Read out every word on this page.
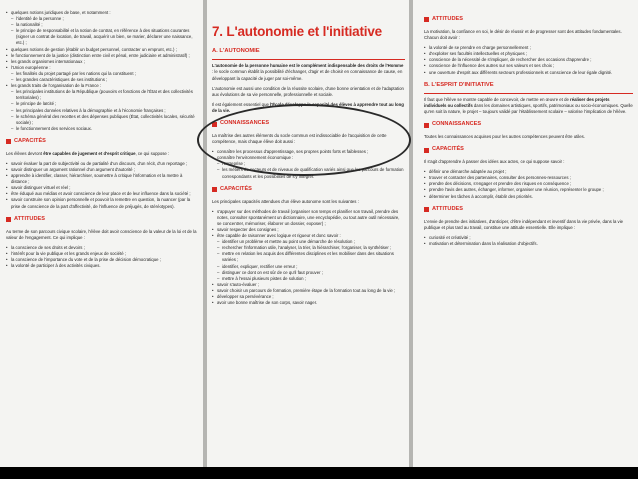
• quelques notions juridiques de base, et notamment :
– l'identité de la personne ;
– la nationalité ;
– le principe de responsabilité et la notion de contrat, en référence à des situations courantes (signer un contrat de location, de travail, acquérir un bien, se marier, déclarer une naissance, etc.) ;
• quelques notions de gestion (établir un budget personnel, contracter un emprunt, etc.) ;
• le fonctionnement de la justice (distinction entre civil et pénal, entre judiciaire et administratif) ;
• les grands organismes internationaux ;
• l'Union européenne :
– les finalités du projet partagé par les nations qui la constituent ;
– les grandes caractéristiques de ses institutions ;
• les grands traits de l'organisation de la France :
– les principales institutions de la République (pouvoirs et fonctions de l'État et des collectivités territoriales) ;
– le principe de laïcité ;
– les principales données relatives à la démographie et à l'économie françaises ;
– le schéma général des recettes et des dépenses publiques (État, collectivités locales, sécurité sociale) ;
– le fonctionnement des services sociaux.
CAPACITÉS

Les élèves devront être capables de jugement et d'esprit critique, ce qui suppose :

• savoir évaluer la part de subjectivité ou de partialité d'un discours, d'un récit, d'un reportage ;
• savoir distinguer un argument rationnel d'un argument d'autorité ;
• apprendre à identifier, classer, hiérarchiser, soumettre à critique l'information et la mettre à distance ;
• savoir distinguer virtuel et réel ;
• être éduqué aux médias et avoir conscience de leur place et de leur influence dans la société ;
• savoir construire son opinion personnelle et pouvoir la remettre en question, la nuancer (par la prise de conscience de la part d'affectivité, de l'influence de préjugés, de stéréotypes).
ATTITUDES

Au terme de son parcours civique scolaire, l'élève doit avoir conscience de la valeur de la loi et de la valeur de l'engagement. Ce qui implique :

• la conscience de ses droits et devoirs ;
• l'intérêt pour la vie publique et les grands enjeux de société ;
• la conscience de l'importance du vote et de la prise de décision démocratique ;
• la volonté de participer à des activités civiques.
7. L'autonomie et l'initiative
A. L'AUTONOMIE

L'autonomie de la personne humaine est le complément indispensable des droits de l'Homme : le socle commun établit la possibilité d'échanger, d'agir et de choisir en connaissance de cause, en développant la capacité de juger par soi-même.

L'autonomie est aussi une condition de la réussite scolaire, d'une bonne orientation et de l'adaptation aux évolutions de sa vie personnelle, professionnelle et sociale.

Il est également essentiel que l'École développe la capacité des élèves à apprendre tout au long de la vie.

CONNAISSANCES

La maîtrise des autres éléments du socle commun est indissociable de l'acquisition de cette compétence, mais chaque élève doit aussi :

• connaître les processus d'apprentissage, ses propres points forts et faiblesses ;
• connaître l'environnement économique :
– l'entreprise ;
– les métiers de secteurs et de niveaux de qualification variés ainsi que les parcours de formation correspondants et les possibilités de s'y intégrer.
CAPACITÉS

Les principales capacités attendues d'un élève autonome sont les suivantes :

• s'appuyer sur des méthodes de travail (organiser son temps et planifier son travail, prendre des notes, consulter spontanément un dictionnaire, une encyclopédie, ou tout autre outil nécessaire, se concentrer, mémoriser, élaborer un dossier, exposer) ;
• savoir respecter des consignes ;
• être capable de raisonner avec logique et rigueur et donc savoir :
– identifier un problème et mettre au point une démarche de résolution ;
– rechercher l'information utile, l'analyser, la trier, la hiérarchiser, l'organiser, la synthétiser ;
– mettre en relation les acquis des différentes disciplines et les mobiliser dans des situations variées ;
– identifier, expliquer, rectifier une erreur ;
– distinguer ce dont on est sûr de ce qu'il faut prouver ;
– mettre à l'essai plusieurs pistes de solution ;
• savoir s'auto-évaluer ;
• savoir choisir un parcours de formation, première étape de la formation tout au long de la vie ;
• développer sa persévérance ;
• avoir une bonne maîtrise de son corps, savoir nager.
ATTITUDES

La motivation, la confiance en soi, le désir de réussir et de progresser sont des attitudes fondamentales. Chacun doit avoir :

• la volonté de se prendre en charge personnellement ;
• d'exploiter ses facultés intellectuelles et physiques ;
• conscience de la nécessité de s'impliquer, de rechercher des occasions d'apprendre ;
• conscience de l'influence des autres sur ses valeurs et ses choix ;
• une ouverture d'esprit aux différents secteurs professionnels et conscience de leur égale dignité.
B. L'ESPRIT D'INITIATIVE

Il faut que l'élève se montre capable de concevoir, de mettre en œuvre et de réaliser des projets individuels ou collectifs dans les domaines artistiques, sportifs, patrimoniaux ou socio-économiques. Quelle qu'en soit la nature, le projet – toujours validé par l'établissement scolaire – valorise l'implication de l'élève.

CONNAISSANCES

Toutes les connaissances acquises pour les autres compétences peuvent être utiles.

CAPACITÉS

Il s'agit d'apprendre à passer des idées aux actes, ce qui suppose savoir :

• définir une démarche adaptée au projet ;
• trouver et contacter des partenaires, consulter des personnes-ressources ;
• prendre des décisions, s'engager et prendre des risques en conséquence ;
• prendre l'avis des autres, échanger, informer, organiser une réunion, représenter le groupe ;
• déterminer les tâches à accomplir, établir des priorités.
ATTITUDES

L'envie de prendre des initiatives, d'anticiper, d'être indépendant et inventif dans la vie privée, dans la vie publique et plus tard au travail, constitue une attitude essentielle. Elle implique :

• curiosité et créativité ;
• motivation et détermination dans la réalisation d'objectifs.
